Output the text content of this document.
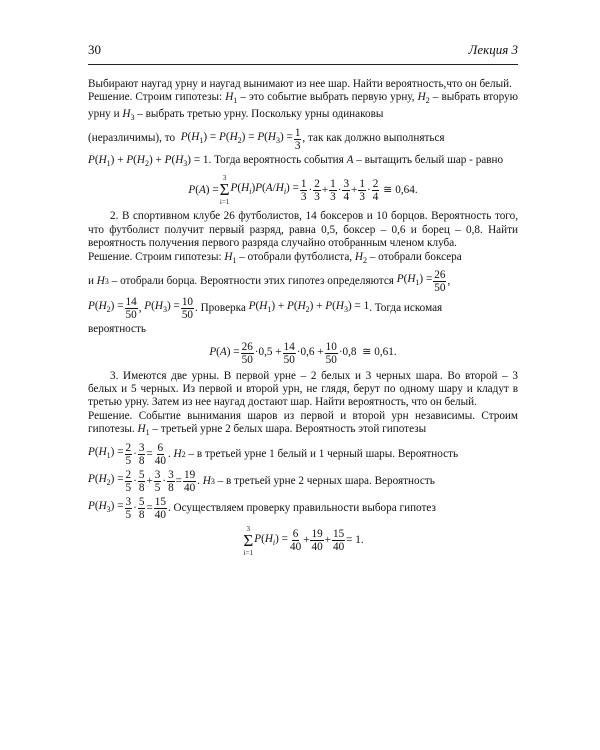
30	Лекция 3

Выбирают наугад урну и наугад вынимают из нее шар. Найти вероятность,что он белый.

Решение. Строим гипотезы: $H_1$ – это событие выбрать первую урну, $H_2$ – выбрать вторую урну и $H_3$ – выбрать третью урну. Поскольку урны одинаковы

(неразличимы), то
$P(H_1) = P(H_2) = P(H_3) = \frac{1}{3}$ , так как должно выполняться

$P(H_1) + P(H_2) + P(H_3) = 1$. Тогда вероятность события A – вытащить белый шар - равно

P(A) =
3
Σ
i=1
$P(H_i)P(A/H_i) = \frac{1}{3} \cdot 2$
3
+ 1
3
· 3
4
+ 1
3
· 2
4

≅ 0,64.

2. В спортивном клубе 26 футболистов, 14 боксеров и 10 борцов. Вероятность того, что футболист получит первый разряд, равна 0,5, боксер – 0,6 и борец – 0,8. Найти вероятность получения первого разряда случайно отобранным членом клуба.

Решение. Строим гипотезы: $H_1$ – отобрали футболиста, $H_2$ – отобрали боксера

и
H 3
– отобрали борца. Вероятности этих гипотез определяются
$P(H_1) = \frac{26}{50}$ ,
$P(H_2) = \frac{14}{50}$ , $P(H_3) = \frac{10}{50}$ . Проверка
$P(H_1) + P(H_2) + P(H_3) = 1$ . Тогда искомая

вероятность

$P(A) = \frac{26}{50} \cdot 0,5 + 14$
50
·0,6 + 10
50
·0,8 ≅ 0,61.

3. Имеются две урны. В первой урне – 2 белых и 3 черных шара. Во второй – 3 белых и 5 черных. Из первой и второй урн, не глядя, берут по одному шару и кладут в третью урну. Затем из нее наугад достают шар. Найти вероятность, что он белый.

Решение. Событие вынимания шаров из первой и второй урн независимы. Строим гипотезы. $H_1$ – третьей урне 2 белых шара. Вероятность этой гипотезы

$P(H_1) = \frac{2}{5} \cdot 3$
8
= 6
40
. H 2
– в третьей урне 1 белый и 1 черный шары. Вероятность
$P(H_2) = \frac{2}{5} \cdot 5$
8
+ 3
5
· 3
8
= 19
40
. H 3
– в третьей урне 2 черных шара. Вероятность
$P(H_3) = \frac{3}{5} \cdot 5$
8
= 15
40
. Осуществляем проверку правильности выбора гипотез
3
Σ
i=1
$P(H_i) = \frac{6}{40} + 19$
40
+ 15
40
= 1.
